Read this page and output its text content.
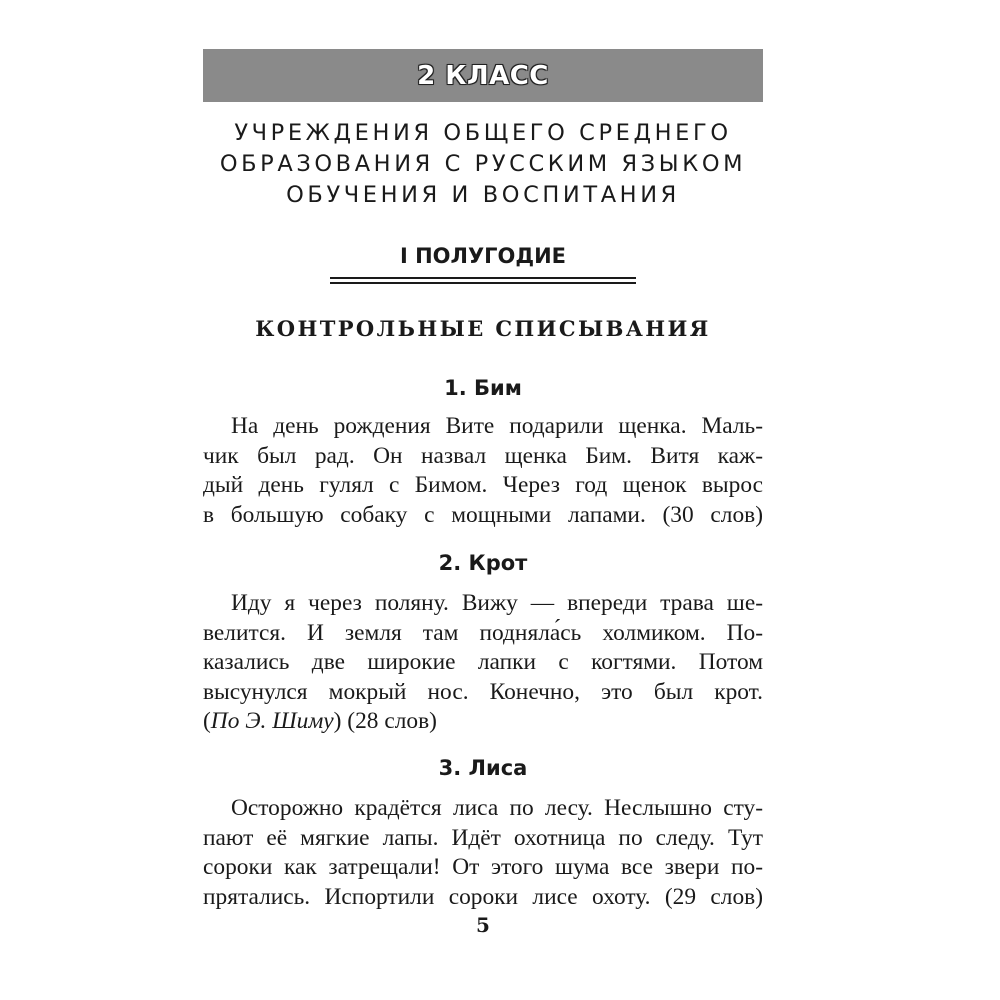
2 КЛАСС
УЧРЕЖДЕНИЯ ОБЩЕГО СРЕДНЕГО
ОБРАЗОВАНИЯ С РУССКИМ ЯЗЫКОМ
ОБУЧЕНИЯ И ВОСПИТАНИЯ
I ПОЛУГОДИЕ
КОНТРОЛЬНЫЕ СПИСЫВАНИЯ
1. Бим
На день рождения Вите подарили щенка. Маль-
чик был рад. Он назвал щенка Бим. Витя каж-
дый день гулял с Бимом. Через год щенок вырос
в большую собаку с мощными лапами. (30 слов)
2. Крот
Иду я через поляну. Вижу — впереди трава ше-
велится. И земля там подняла́сь холмиком. По-
казались две широкие лапки с когтями. Потом
высунулся мокрый нос. Конечно, это был крот.
(По Э. Шиму) (28 слов)
3. Лиса
Осторожно крадётся лиса по лесу. Неслышно сту-
пают её мягкие лапы. Идёт охотница по следу. Тут
сороки как затрещали! От этого шума все звери по-
прятались. Испортили сороки лисе охоту. (29 слов)
5
